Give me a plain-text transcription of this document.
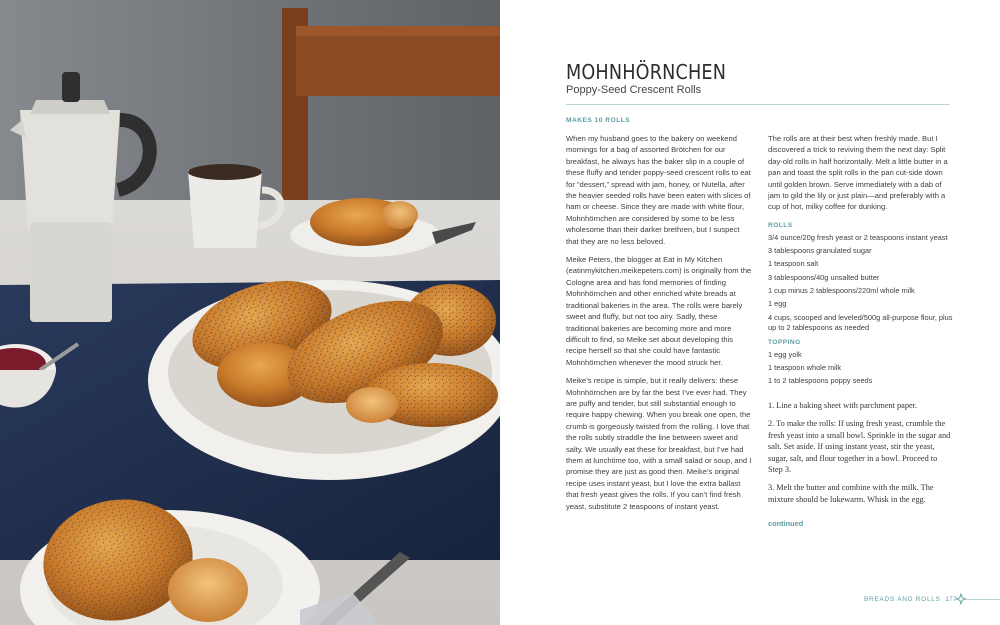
MOHNHÖRNCHEN
Poppy-Seed Crescent Rolls
MAKES 10 ROLLS

When my husband goes to the bakery on weekend mornings for a bag of assorted Brötchen for our breakfast, he always has the baker slip in a couple of these fluffy and tender poppy-seed crescent rolls to eat for “dessert,” spread with jam, honey, or Nutella, after the heavier seeded rolls have been eaten with slices of ham or cheese. Since they are made with white flour, Mohnhörnchen are considered by some to be less wholesome than their darker brethren, but I suspect that they are no less beloved.

Meike Peters, the blogger at Eat in My Kitchen (eatinmykitchen.meikepeters.com) is originally from the Cologne area and has fond memories of finding Mohnhörnchen and other enriched white breads at traditional bakeries in the area. The rolls were barely sweet and fluffy, but not too airy. Sadly, these traditional bakeries are becoming more and more difficult to find, so Meike set about developing this recipe herself so that she could have fantastic Mohnhörnchen whenever the mood struck her.

Meike’s recipe is simple, but it really delivers: these Mohnhörnchen are by far the best I’ve ever had. They are puffy and tender, but still substantial enough to require happy chewing. When you break one open, the crumb is gorgeously twisted from the rolling. I love that the rolls subtly straddle the line between sweet and salty. We usually eat these for breakfast, but I’ve had them at lunchtime too, with a small salad or soup, and I promise they are just as good then. Meike’s original recipe uses instant yeast, but I love the extra ballast that fresh yeast gives the rolls. If you can’t find fresh yeast, substitute 2 teaspoons of instant yeast.

The rolls are at their best when freshly made. But I discovered a trick to reviving them the next day: Split day-old rolls in half horizontally. Melt a little butter in a pan and toast the split rolls in the pan cut-side down until golden brown. Serve immediately with a dab of jam to gild the lily or just plain—and preferably with a cup of hot, milky coffee for dunking.

ROLLS
3/4 ounce/20g fresh yeast or 2 teaspoons instant yeast
3 tablespoons granulated sugar
1 teaspoon salt
3 tablespoons/40g unsalted butter
1 cup minus 2 tablespoons/220ml whole milk
1 egg
4 cups, scooped and leveled/500g all-purpose flour, plus up to 2 tablespoons as needed
TOPPING
1 egg yolk
1 teaspoon whole milk
1 to 2 tablespoons poppy seeds

1. Line a baking sheet with parchment paper.

2. To make the rolls: If using fresh yeast, crumble the fresh yeast into a small bowl. Sprinkle in the sugar and salt. Set aside. If using instant yeast, stir the yeast, sugar, salt, and flour together in a bowl. Proceed to Step 3.

3. Melt the butter and combine with the milk. The mixture should be lukewarm. Whisk in the egg.

continued
BREADS AND ROLLS 177
